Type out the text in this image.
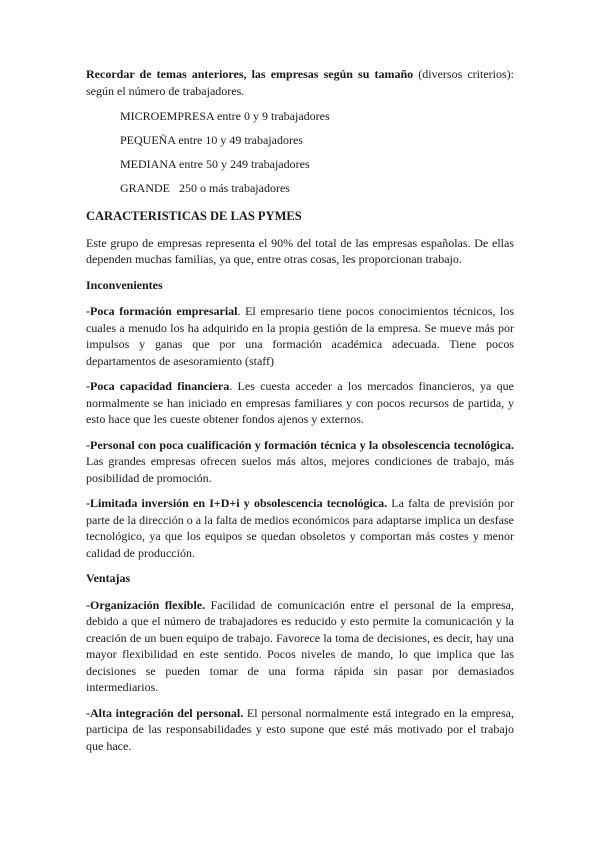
Recordar de temas anteriores, las empresas según su tamaño (diversos criterios): según el número de trabajadores.

MICROEMPRESA entre 0 y 9 trabajadores

PEQUEÑA entre 10 y 49 trabajadores

MEDIANA entre 50 y 249 trabajadores

GRANDE   250 o más trabajadores

CARACTERISTICAS DE LAS PYMES

Este grupo de empresas representa el 90% del total de las empresas españolas. De ellas dependen muchas familias, ya que, entre otras cosas, les proporcionan trabajo.

Inconvenientes

-Poca formación empresarial. El empresario tiene pocos conocimientos técnicos, los cuales a menudo los ha adquirido en la propia gestión de la empresa. Se mueve más por impulsos y ganas que por una formación académica adecuada. Tiene pocos departamentos de asesoramiento (staff)

-Poca capacidad financiera. Les cuesta acceder a los mercados financieros, ya que normalmente se han iniciado en empresas familiares y con pocos recursos de partida, y esto hace que les cueste obtener fondos ajenos y externos.

-Personal con poca cualificación y formación técnica y la obsolescencia tecnológica. Las grandes empresas ofrecen suelos más altos, mejores condiciones de trabajo, más posibilidad de promoción.

-Limitada inversión en I+D+i y obsolescencia tecnológica. La falta de previsión por parte de la dirección o a la falta de medios económicos para adaptarse implica un desfase tecnológico, ya que los equipos se quedan obsoletos y comportan más costes y menor calidad de producción.

Ventajas

-Organización flexible. Facilidad de comunicación entre el personal de la empresa, debido a que el número de trabajadores es reducido y esto permite la comunicación y la creación de un buen equipo de trabajo. Favorece la toma de decisiones, es decir, hay una mayor flexibilidad en este sentido. Pocos niveles de mando, lo que implica que las decisiones se pueden tomar de una forma rápida sin pasar por demasiados intermediarios.

-Alta integración del personal. El personal normalmente está integrado en la empresa, participa de las responsabilidades y esto supone que esté más motivado por el trabajo que hace.
